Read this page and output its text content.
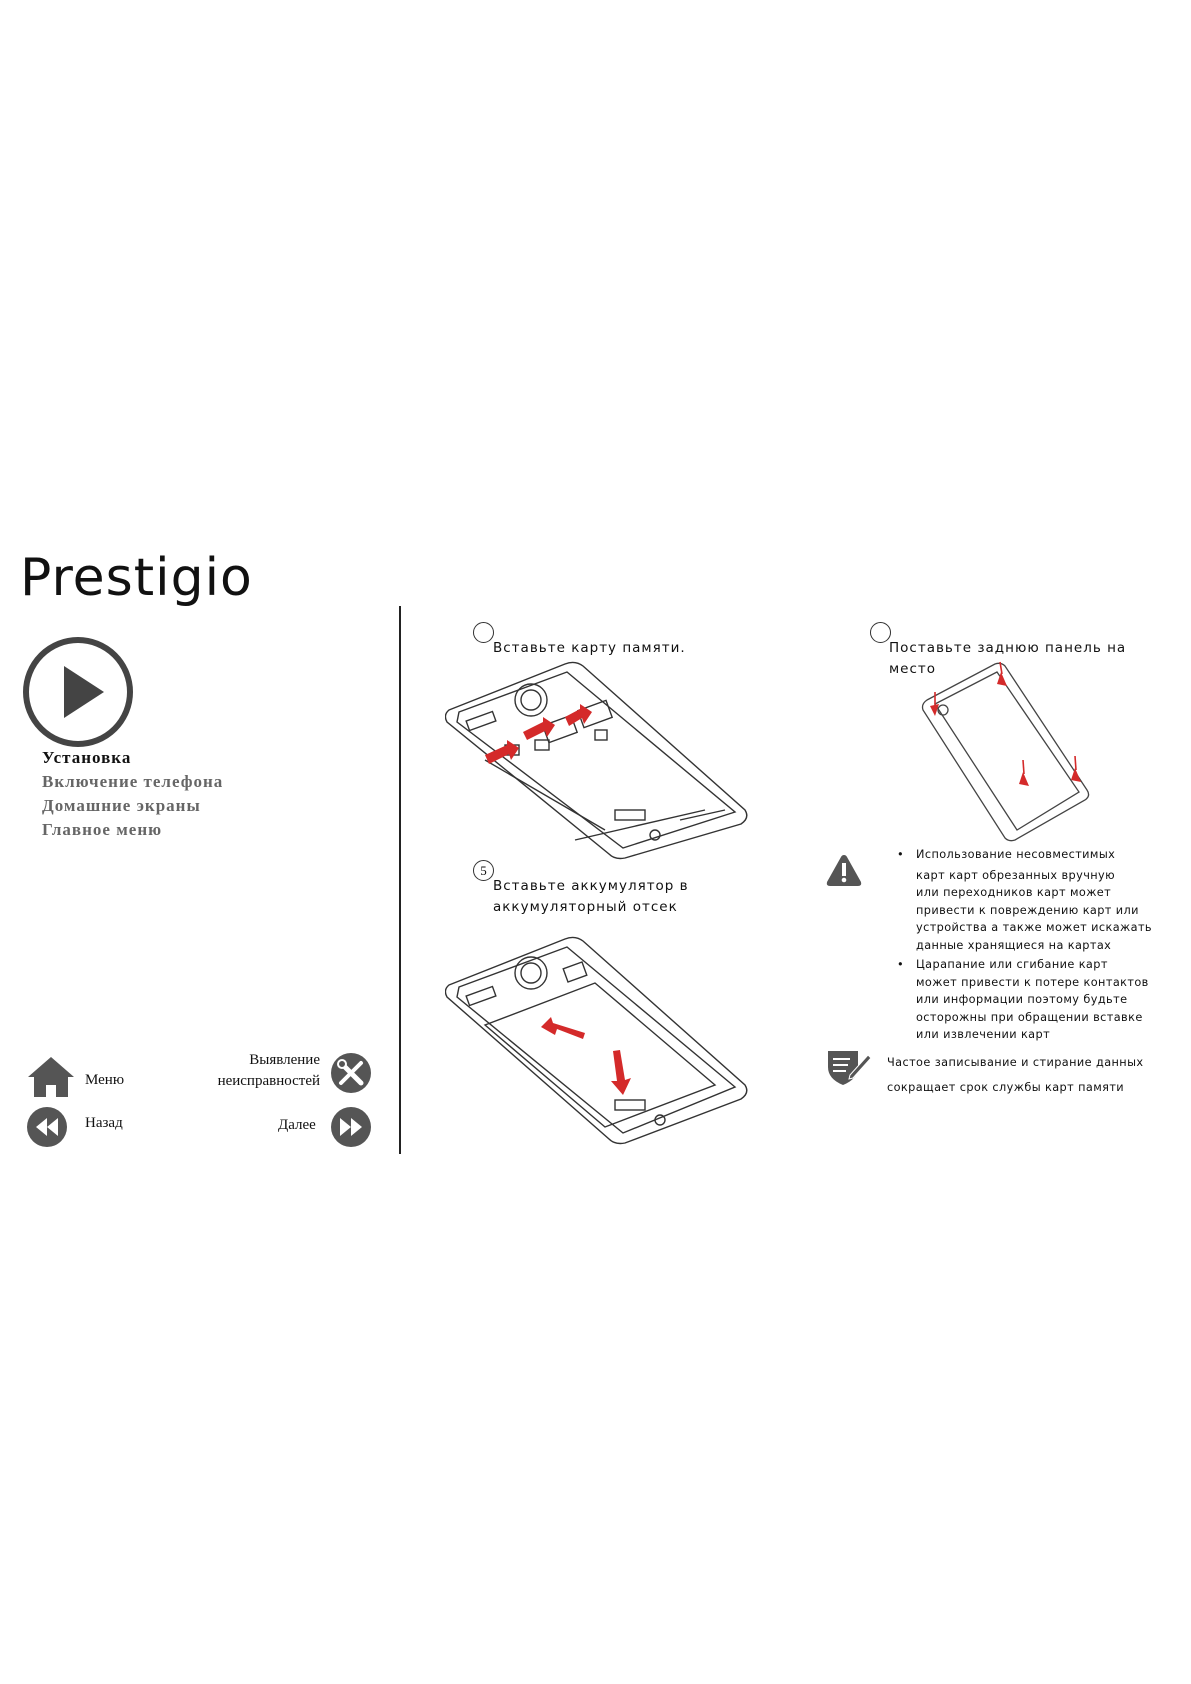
Prestigio
Установка
Включение телефона
Домашние экраны
Главное меню
Меню
Назад
Выявление
неисправностей
Далее
Вставьте карту памяти.
5
Вставьте аккумулятор в
аккумуляторный отсек
Поставьте заднюю панель на
место
• Использование несовместимых
карт карт обрезанных вручную
или переходников карт может
привести к повреждению карт или
устройства а также может искажать
данные хранящиеся на картах
• Царапание или сгибание карт
может привести к потере контактов
или информации поэтому будьте
осторожны при обращении вставке
или извлечении карт
Частое записывание и стирание данных
сокращает срок службы карт памяти
